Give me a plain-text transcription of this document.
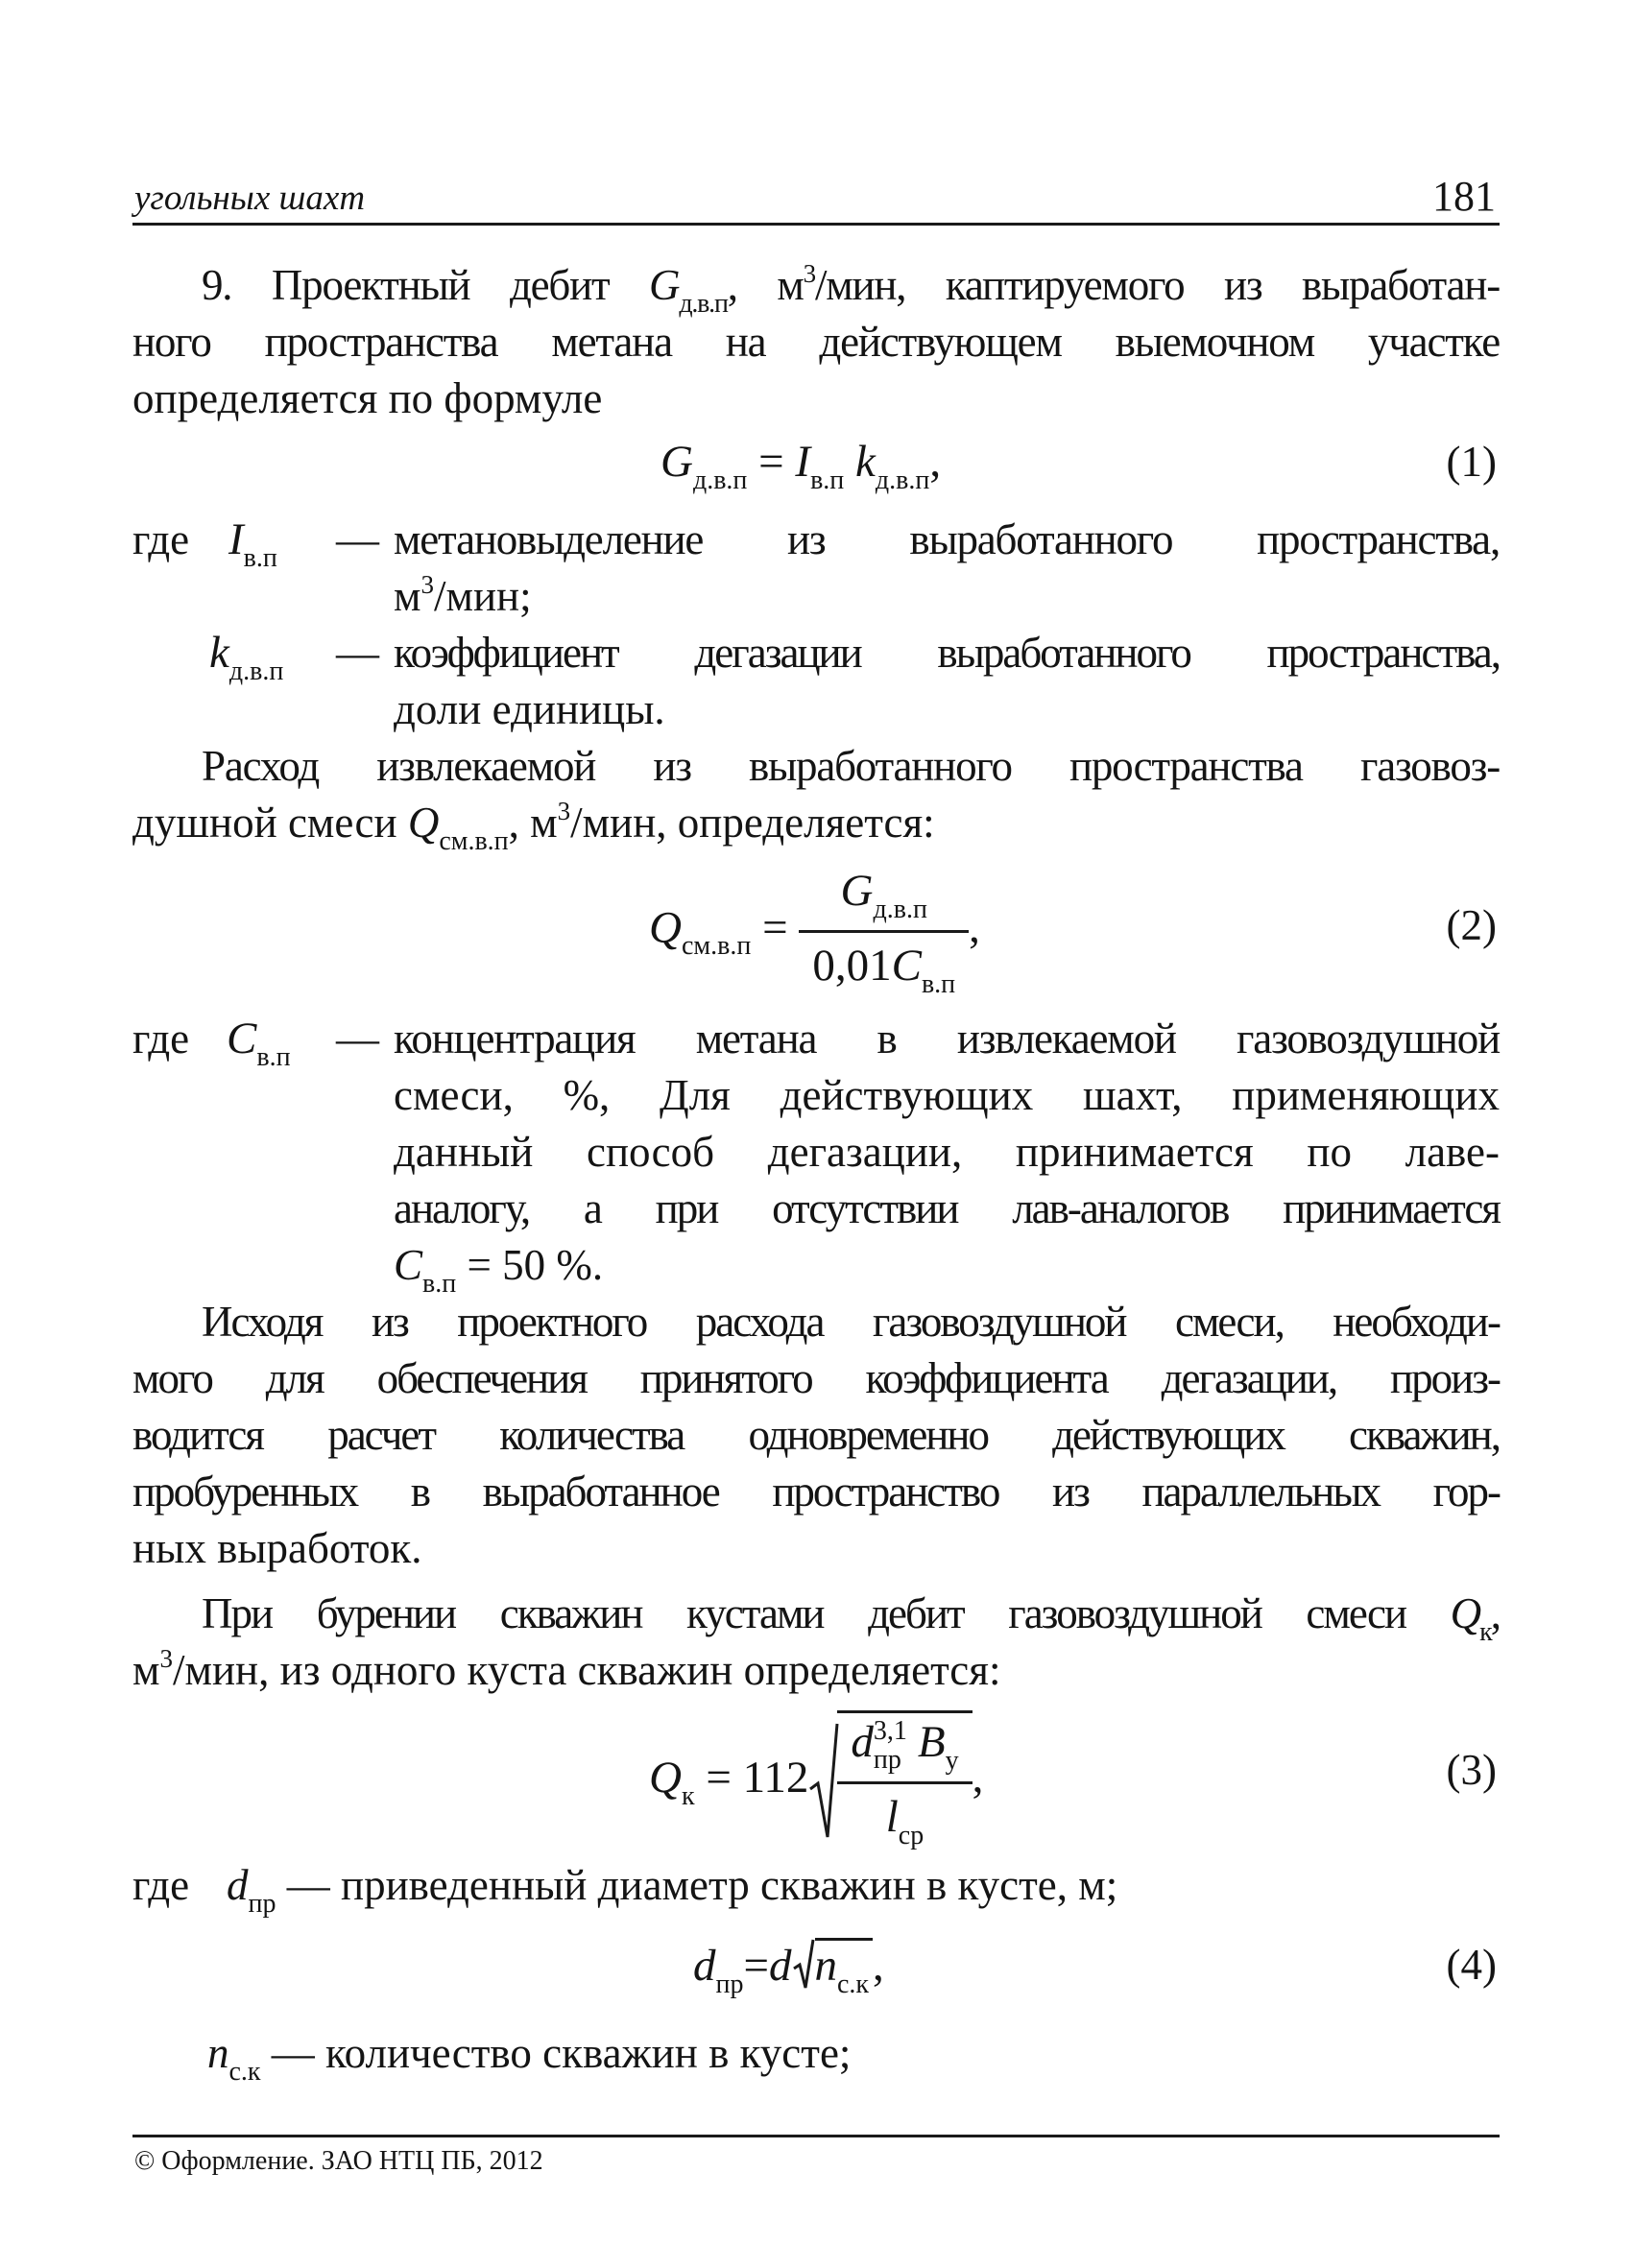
угольных шахт	181

9. Проектный дебит $G_{д.в.п}$, $м^3$/мин, каптируемого из выработан-

ного пространства метана на действующем выемочном участке

определяется по формуле

$G_{д.в.п} = I_{в.п}$ $k_{д.в.п}$,	(1)
где $I_{в.п}$ — метановыделение из выработанного пространства,

$м^3$/мин;

$k_{д.в.п}$ — коэффициент дегазации выработанного пространства,

доли единицы.

Расход извлекаемой из выработанного пространства газовоз-

душной смеси $Q_{см.в.п}$, $м^3$/мин, определяется:

$Q_{см.в.п} = \frac{G_{д.в.п}}{0,01C_{в.п}}$ ,	(2)
где $C_{в.п}$ — концентрация метана в извлекаемой газовоздушной

смеси, %, Для действующих шахт, применяющих

данный способ дегазации, принимается по лаве-

аналогу, а при отсутствии лав-аналогов принимается

$C_{в.п} = 50$ %.

Исходя из проектного расхода газовоздушной смеси, необходи-

мого для обеспечения принятого коэффициента дегазации, произ-

водится расчет количества одновременно действующих скважин,

пробуренных в выработанное пространство из параллельных гор-

ных выработок.

При бурении скважин кустами дебит газовоздушной смеси $Q_к$,

$м^3$/мин, из одного куста скважин определяется:

$Q_к = 112$ d 3,1
пр $B_у$
$l_{ср}$ ,	(3)
где $d_{пр}$ — приведенный диаметр скважин в кусте, м;

$d_{пр}=d$ $n_{с.к}$,	(4)

$n_{с.к}$ — количество скважин в кусте;

© Оформление. ЗАО НТЦ ПБ, 2012
